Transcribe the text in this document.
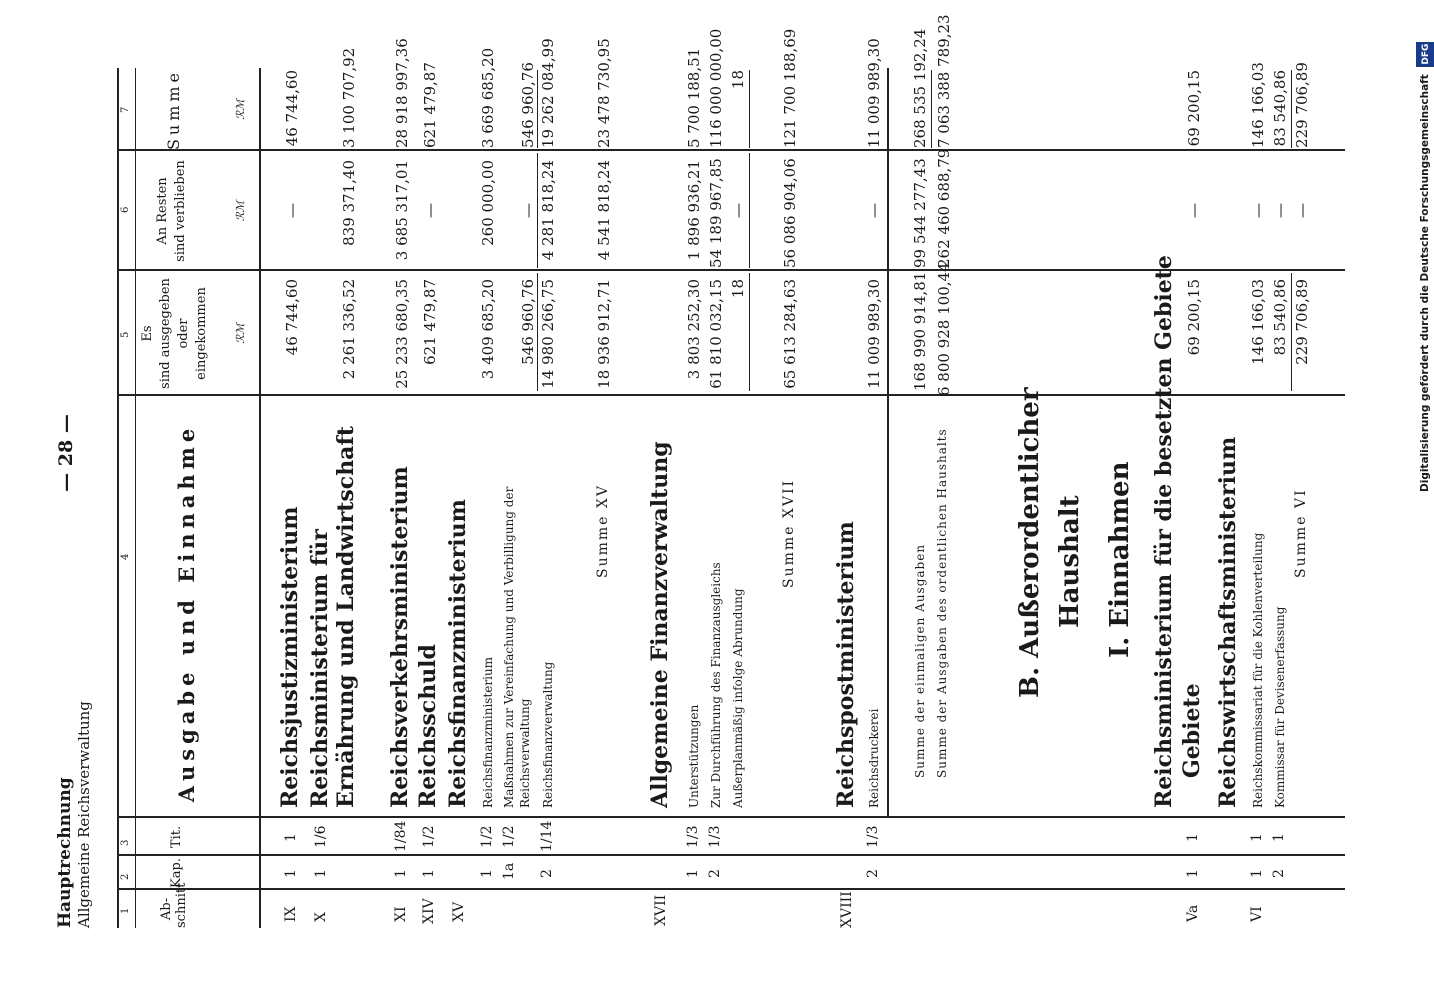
Hauptrechnung Allgemeine Reichsverwaltung
— 28 —
1
2
3
4
5
6
7
Ab-
schnitt
Kap.
Tit.
Ausgabe und Einnahme
Es
sind ausgegeben
oder eingekommen
An Resten
sind verblieben
Summe
ℛℳ
ℛℳ
ℛℳ
IX
1
1
Reichsjustizministerium
46 744,60
—
46 744,60
X
1
1/6
Reichsministerium für Ernährung und Landwirtschaft
2 261 336,52
839 371,40
3 100 707,92
XI
1
1/84
Reichsverkehrsministerium
25 233 680,35
3 685 317,01
28 918 997,36
XIV
1
1/2
Reichsschuld
621 479,87
—
621 479,87
XV
Reichsfinanzministerium
1
1/2
Reichsfinanzministerium
3 409 685,20
260 000,00
3 669 685,20
1a
1/2
Maßnahmen zur Vereinfachung und Verbilligung der Reichsverwaltung
546 960,76
—
546 960,76
2
1/14
Reichsfinanzverwaltung
14 980 266,75
4 281 818,24
19 262 084,99
Summe XV
18 936 912,71
4 541 818,24
23 478 730,95
XVII
Allgemeine Finanzverwaltung
1
1/3
Unterstützungen
3 803 252,30
1 896 936,21
5 700 188,51
2
1/3
Zur Durchführung des Finanzausgleichs
61 810 032,15
54 189 967,85
116 000 000,00
Außerplanmäßig infolge Abrundung
18
—
18
Summe XVII
65 613 284,63
56 086 904,06
121 700 188,69
XVIII
Reichspostministerium
2
1/3
Reichsdruckerei
11 009 989,30
—
11 009 989,30
Summe der einmaligen Ausgaben
168 990 914,81
99 544 277,43
268 535 192,24
Summe der Ausgaben des ordentlichen Haushalts
6 800 928 100,44
262 460 688,79
7 063 388 789,23
B. Außerordentlicher Haushalt I. Einnahmen Reichsministerium für die besetzten Gebiete
Va
1
1
Gebiete
69 200,15
—
69 200,15
Reichswirtschaftsministerium
VI
1
1
Reichskommissariat für die Kohlenverteilung
146 166,03
—
146 166,03
2
1
Kommissar für Devisenerfassung
83 540,86
—
83 540,86
Summe VI
229 706,89
—
229 706,89	Digitalisierung gefördert durch die Deutsche Forschungsgemeinschaft DFG
